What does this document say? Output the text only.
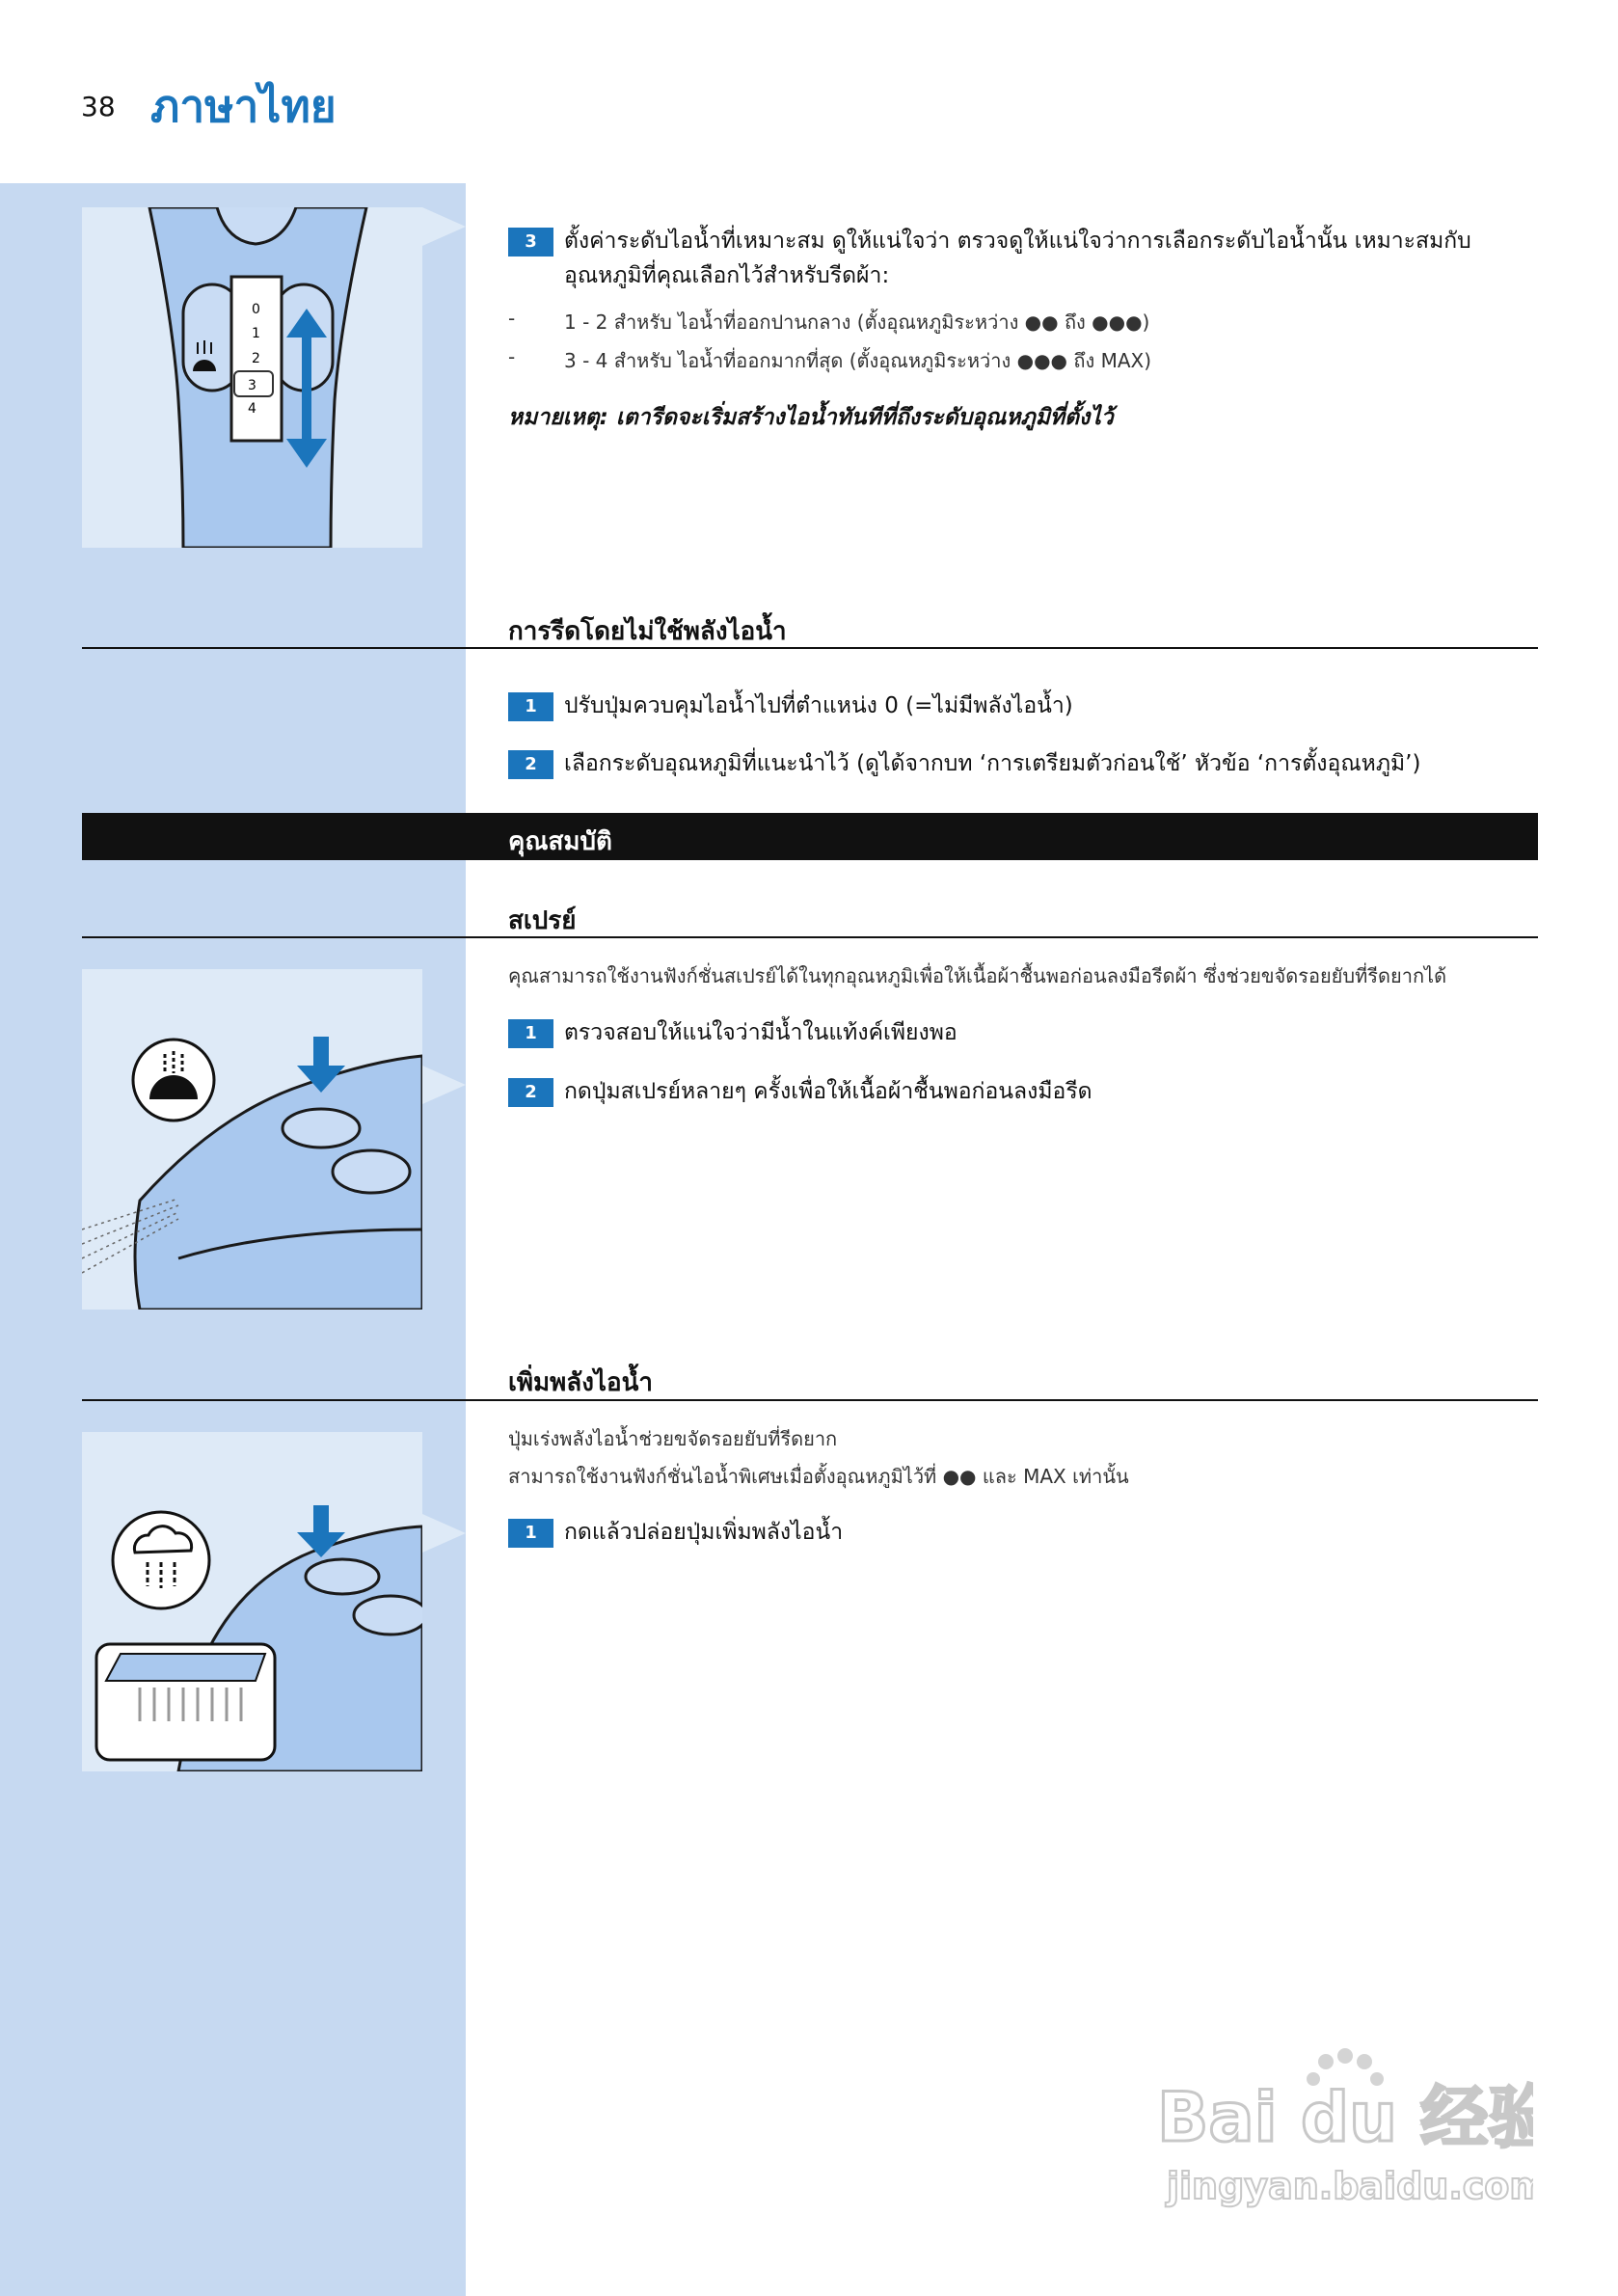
38 ภาษาไทย
0
1
2
3
4
3	ตั้งค่าระดับไอน้ำที่เหมาะสม ดูให้แน่ใจว่า ตรวจดูให้แน่ใจว่าการเลือกระดับไอน้ำนั้น เหมาะสมกับอุณหภูมิที่คุณเลือกไว้สำหรับรีดผ้า:
-	1 - 2 สำหรับ ไอน้ำที่ออกปานกลาง (ตั้งอุณหภูมิระหว่าง ●● ถึง ●●●)
-	3 - 4 สำหรับ ไอน้ำที่ออกมากที่สุด (ตั้งอุณหภูมิระหว่าง ●●● ถึง MAX)
หมายเหตุ: เตารีดจะเริ่มสร้างไอน้ำทันทีที่ถึงระดับอุณหภูมิที่ตั้งไว้
การรีดโดยไม่ใช้พลังไอน้ำ
1	ปรับปุ่มควบคุมไอน้ำไปที่ตำแหน่ง 0 (=ไม่มีพลังไอน้ำ)
2	เลือกระดับอุณหภูมิที่แนะนำไว้ (ดูได้จากบท ‘การเตรียมตัวก่อนใช้’ หัวข้อ ‘การตั้งอุณหภูมิ’)
คุณสมบัติ
สเปรย์
คุณสามารถใช้งานฟังก์ชั่นสเปรย์ได้ในทุกอุณหภูมิเพื่อให้เนื้อผ้าชื้นพอก่อนลงมือรีดผ้า ซึ่งช่วยขจัดรอยยับที่รีดยากได้
1	ตรวจสอบให้แน่ใจว่ามีน้ำในแท้งค์เพียงพอ
2	กดปุ่มสเปรย์หลายๆ ครั้งเพื่อให้เนื้อผ้าชื้นพอก่อนลงมือรีด
เพิ่มพลังไอน้ำ
ปุ่มเร่งพลังไอน้ำช่วยขจัดรอยยับที่รีดยาก
สามารถใช้งานฟังก์ชั่นไอน้ำพิเศษเมื่อตั้งอุณหภูมิไว้ที่ ●● และ MAX เท่านั้น
1	กดแล้วปล่อยปุ่มเพิ่มพลังไอน้ำ
Bai du 经验
jingyan.baidu.com
